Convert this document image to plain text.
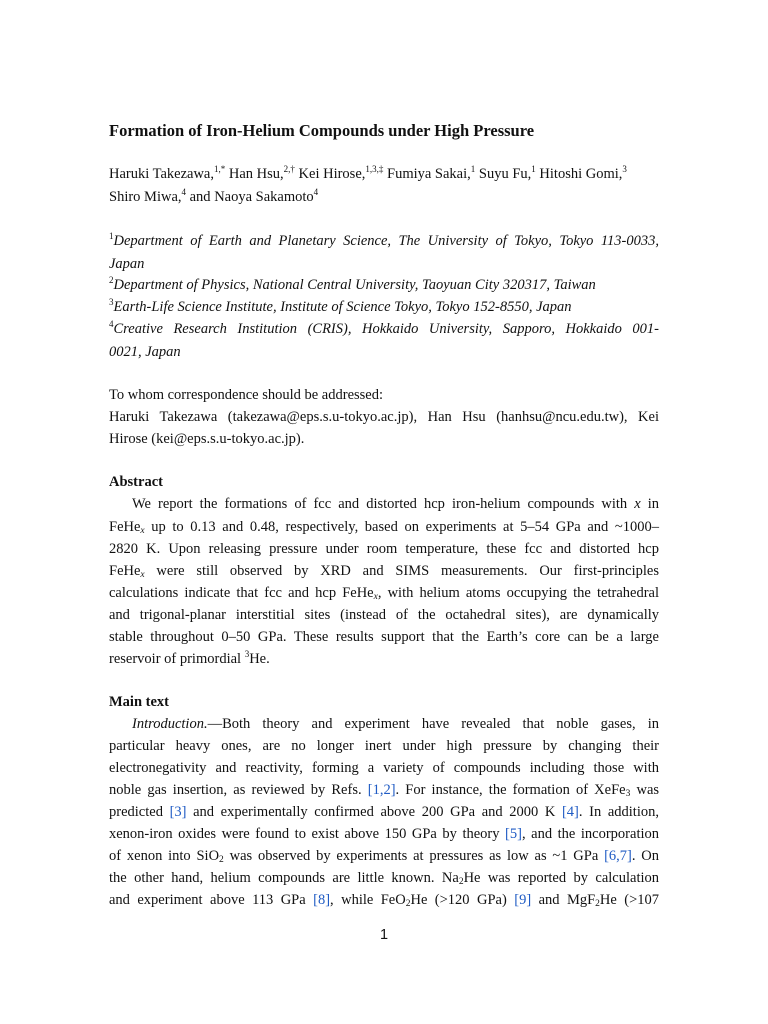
Formation of Iron-Helium Compounds under High Pressure
Haruki Takezawa,$^{1,*}$ Han Hsu,$^{2,\dagger}$ Kei Hirose,$^{1,3,\ddagger}$ Fumiya Sakai,$^1$ Suyu Fu,$^1$ Hitoshi Gomi,$^3$
Shiro Miwa,$^4$ and Naoya Sakamoto$^4$
$^1$Department of Earth and Planetary Science, The University of Tokyo, Tokyo 113-0033,
Japan
$^2$Department of Physics, National Central University, Taoyuan City 320317, Taiwan
$^3$Earth-Life Science Institute, Institute of Science Tokyo, Tokyo 152-8550, Japan
$^4$Creative Research Institution (CRIS), Hokkaido University, Sapporo, Hokkaido 001-
0021, Japan
To whom correspondence should be addressed:
Haruki Takezawa (takezawa@eps.s.u-tokyo.ac.jp), Han Hsu (hanhsu@ncu.edu.tw), Kei
Hirose (kei@eps.s.u-tokyo.ac.jp).
Abstract
We report the formations of fcc and distorted hcp iron-helium compounds with x in
FeHe$_x$ up to 0.13 and 0.48, respectively, based on experiments at 5–54 GPa and ~1000–
2820 K. Upon releasing pressure under room temperature, these fcc and distorted hcp
FeHe$_x$ were still observed by XRD and SIMS measurements. Our first-principles
calculations indicate that fcc and hcp FeHe$_x$, with helium atoms occupying the tetrahedral
and trigonal-planar interstitial sites (instead of the octahedral sites), are dynamically
stable throughout 0–50 GPa. These results support that the Earth’s core can be a large
reservoir of primordial $^3$He.
Main text
Introduction.—Both theory and experiment have revealed that noble gases, in
particular heavy ones, are no longer inert under high pressure by changing their
electronegativity and reactivity, forming a variety of compounds including those with
noble gas insertion, as reviewed by Refs. [1,2]. For instance, the formation of XeFe$_3$ was
predicted [3] and experimentally confirmed above 200 GPa and 2000 K [4]. In addition,
xenon-iron oxides were found to exist above 150 GPa by theory [5], and the incorporation
of xenon into SiO$_2$ was observed by experiments at pressures as low as ~1 GPa [6,7]. On
the other hand, helium compounds are little known. $Na_2He$ was reported by calculation
and experiment above 113 GPa [8], while FeO$_2$He (>120 GPa) [9] and MgF$_2$He (>107
1
